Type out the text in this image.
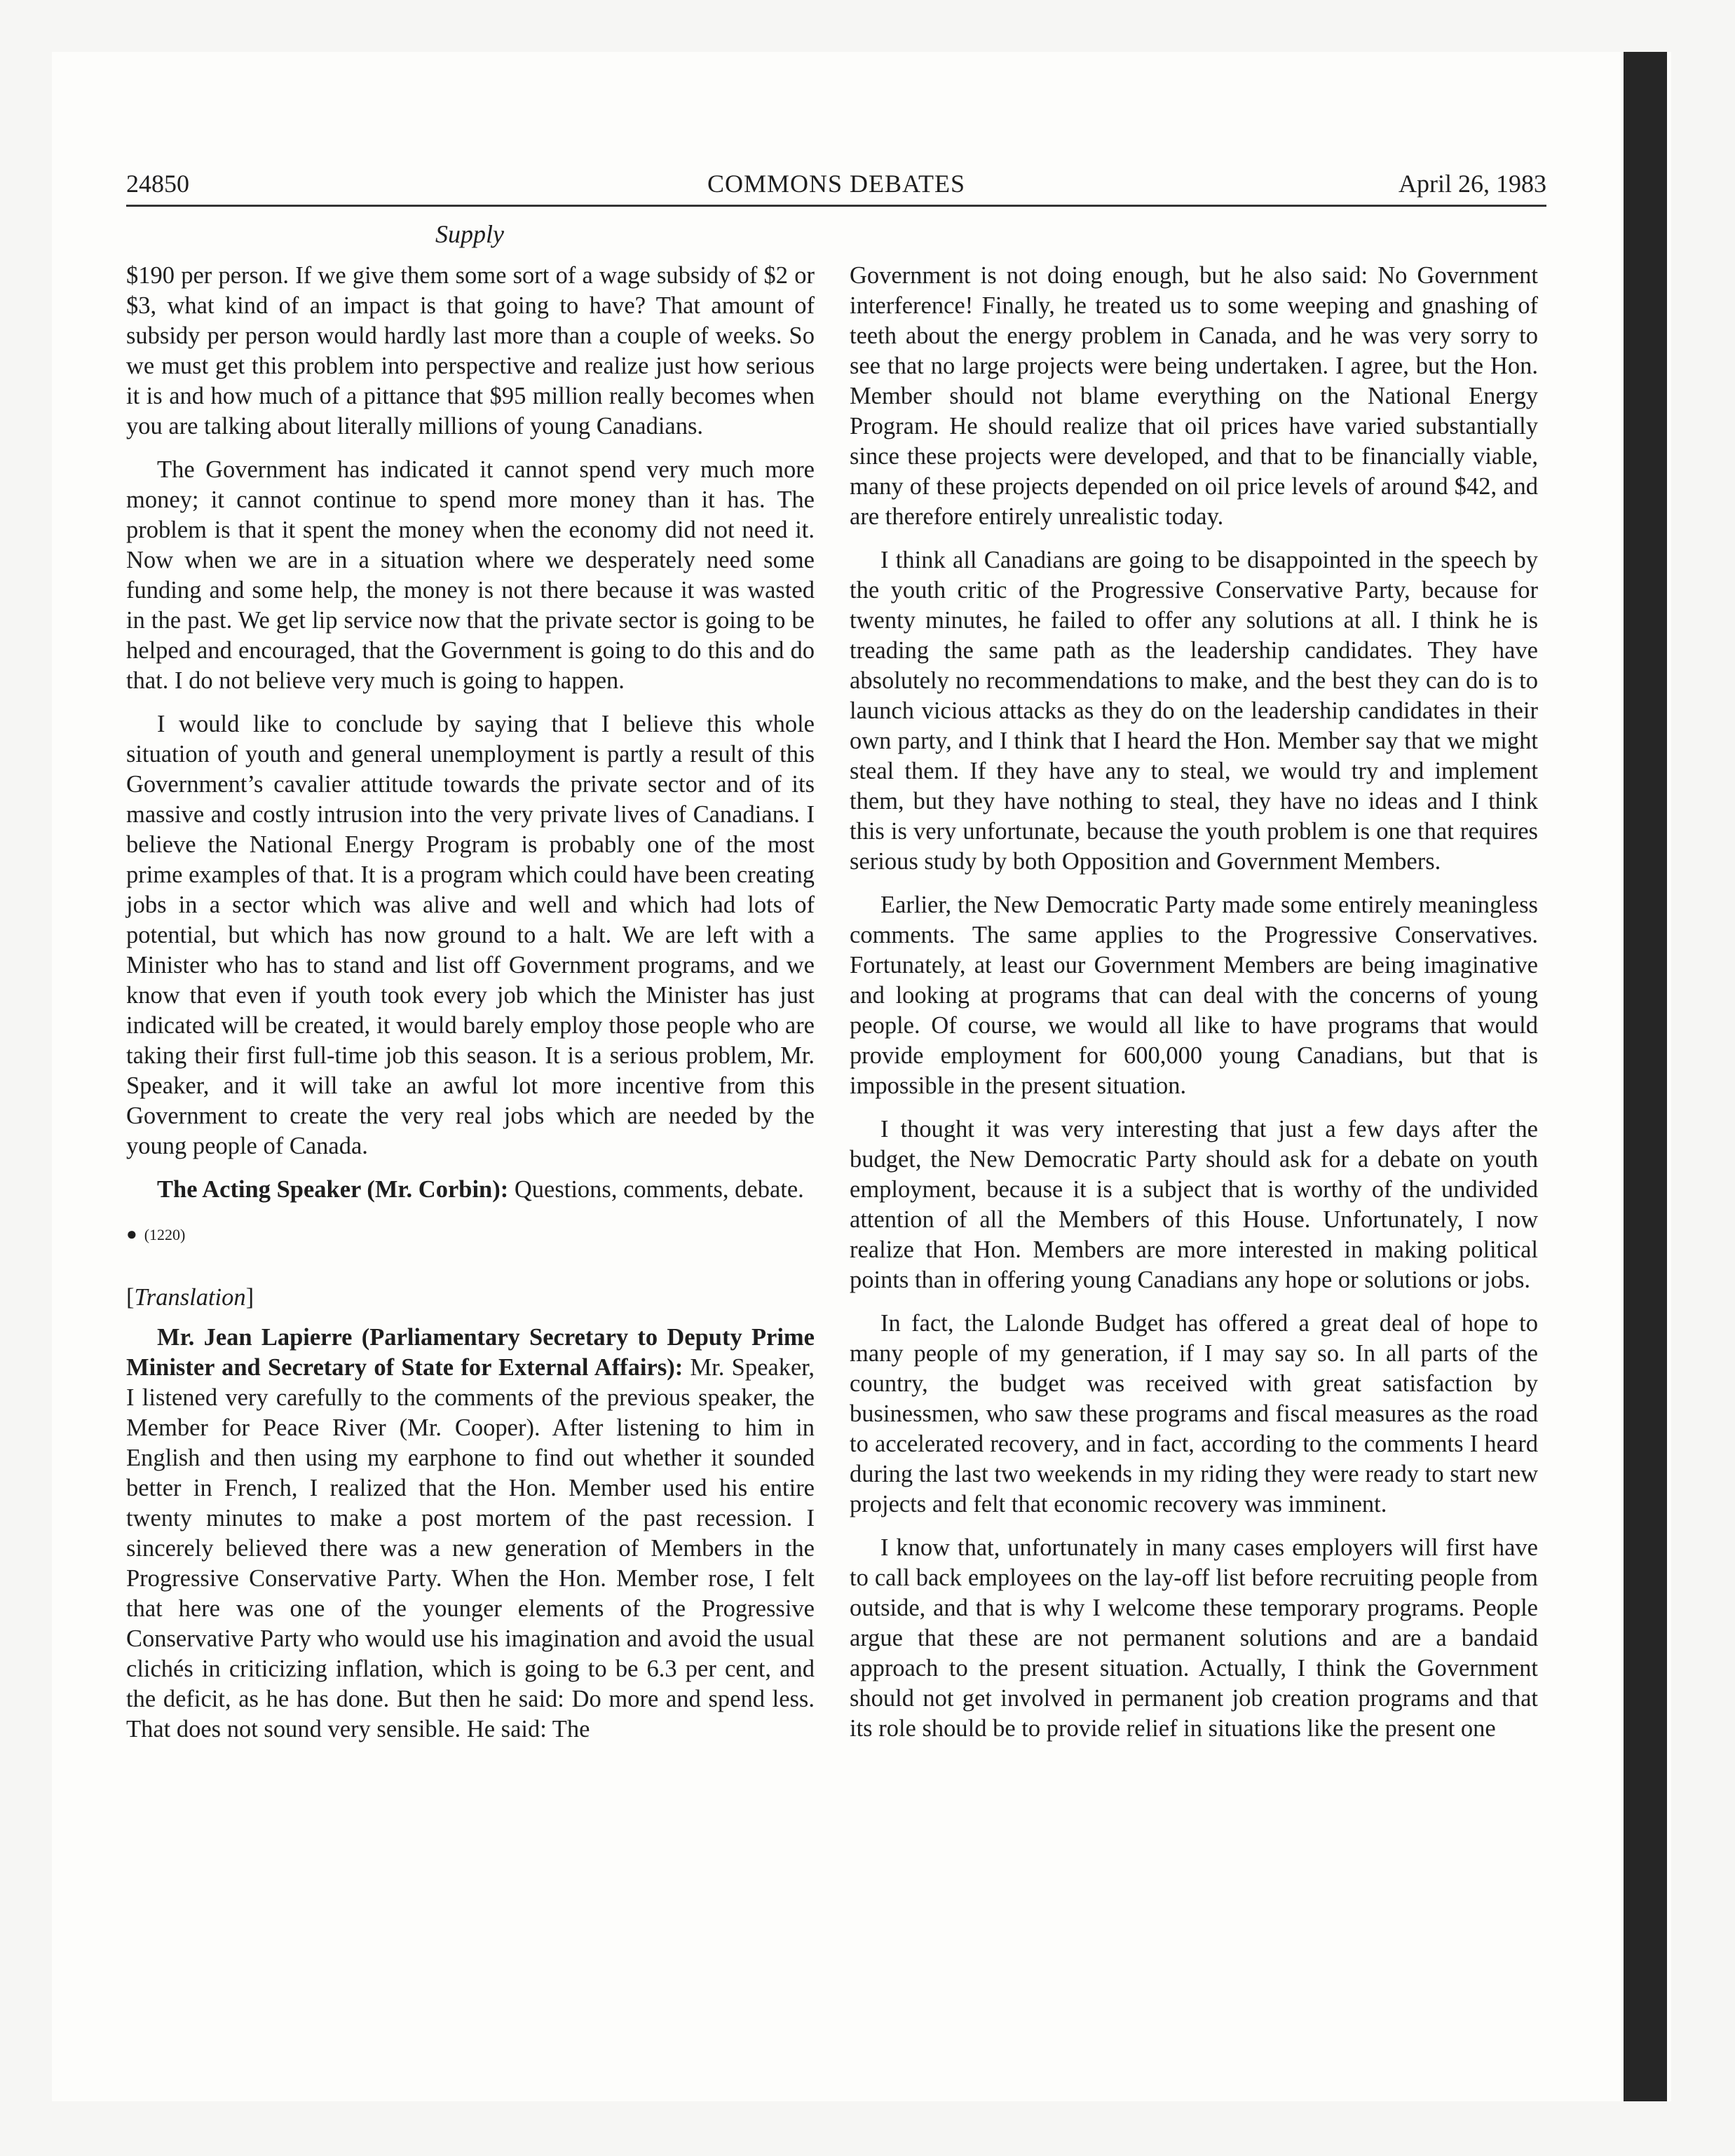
24850	COMMONS DEBATES	April 26, 1983
Supply

$190 per person. If we give them some sort of a wage subsidy of $2 or $3, what kind of an impact is that going to have? That amount of subsidy per person would hardly last more than a couple of weeks. So we must get this problem into perspective and realize just how serious it is and how much of a pittance that $95 million really becomes when you are talking about literally millions of young Canadians.

The Government has indicated it cannot spend very much more money; it cannot continue to spend more money than it has. The problem is that it spent the money when the economy did not need it. Now when we are in a situation where we desperately need some funding and some help, the money is not there because it was wasted in the past. We get lip service now that the private sector is going to be helped and encouraged, that the Government is going to do this and do that. I do not believe very much is going to happen.

I would like to conclude by saying that I believe this whole situation of youth and general unemployment is partly a result of this Government’s cavalier attitude towards the private sector and of its massive and costly intrusion into the very private lives of Canadians. I believe the National Energy Program is probably one of the most prime examples of that. It is a program which could have been creating jobs in a sector which was alive and well and which had lots of potential, but which has now ground to a halt. We are left with a Minister who has to stand and list off Government programs, and we know that even if youth took every job which the Minister has just indicated will be created, it would barely employ those people who are taking their first full-time job this season. It is a serious problem, Mr. Speaker, and it will take an awful lot more incentive from this Government to create the very real jobs which are needed by the young people of Canada.

The Acting Speaker (Mr. Corbin): Questions, comments, debate.

● (1220)
[Translation]

Mr. Jean Lapierre (Parliamentary Secretary to Deputy Prime Minister and Secretary of State for External Affairs): Mr. Speaker, I listened very carefully to the comments of the previous speaker, the Member for Peace River (Mr. Cooper). After listening to him in English and then using my earphone to find out whether it sounded better in French, I realized that the Hon. Member used his entire twenty minutes to make a post mortem of the past recession. I sincerely believed there was a new generation of Members in the Progressive Conservative Party. When the Hon. Member rose, I felt that here was one of the younger elements of the Progressive Conservative Party who would use his imagination and avoid the usual clichés in criticizing inflation, which is going to be 6.3 per cent, and the deficit, as he has done. But then he said: Do more and spend less. That does not sound very sensible. He said: The

Government is not doing enough, but he also said: No Government interference! Finally, he treated us to some weeping and gnashing of teeth about the energy problem in Canada, and he was very sorry to see that no large projects were being undertaken. I agree, but the Hon. Member should not blame everything on the National Energy Program. He should realize that oil prices have varied substantially since these projects were developed, and that to be financially viable, many of these projects depended on oil price levels of around $42, and are therefore entirely unrealistic today.

I think all Canadians are going to be disappointed in the speech by the youth critic of the Progressive Conservative Party, because for twenty minutes, he failed to offer any solutions at all. I think he is treading the same path as the leadership candidates. They have absolutely no recommendations to make, and the best they can do is to launch vicious attacks as they do on the leadership candidates in their own party, and I think that I heard the Hon. Member say that we might steal them. If they have any to steal, we would try and implement them, but they have nothing to steal, they have no ideas and I think this is very unfortunate, because the youth problem is one that requires serious study by both Opposition and Government Members.

Earlier, the New Democratic Party made some entirely meaningless comments. The same applies to the Progressive Conservatives. Fortunately, at least our Government Members are being imaginative and looking at programs that can deal with the concerns of young people. Of course, we would all like to have programs that would provide employment for 600,000 young Canadians, but that is impossible in the present situation.

I thought it was very interesting that just a few days after the budget, the New Democratic Party should ask for a debate on youth employment, because it is a subject that is worthy of the undivided attention of all the Members of this House. Unfortunately, I now realize that Hon. Members are more interested in making political points than in offering young Canadians any hope or solutions or jobs.

In fact, the Lalonde Budget has offered a great deal of hope to many people of my generation, if I may say so. In all parts of the country, the budget was received with great satisfaction by businessmen, who saw these programs and fiscal measures as the road to accelerated recovery, and in fact, according to the comments I heard during the last two weekends in my riding they were ready to start new projects and felt that economic recovery was imminent.

I know that, unfortunately in many cases employers will first have to call back employees on the lay-off list before recruiting people from outside, and that is why I welcome these temporary programs. People argue that these are not permanent solutions and are a bandaid approach to the present situation. Actually, I think the Government should not get involved in permanent job creation programs and that its role should be to provide relief in situations like the present one
